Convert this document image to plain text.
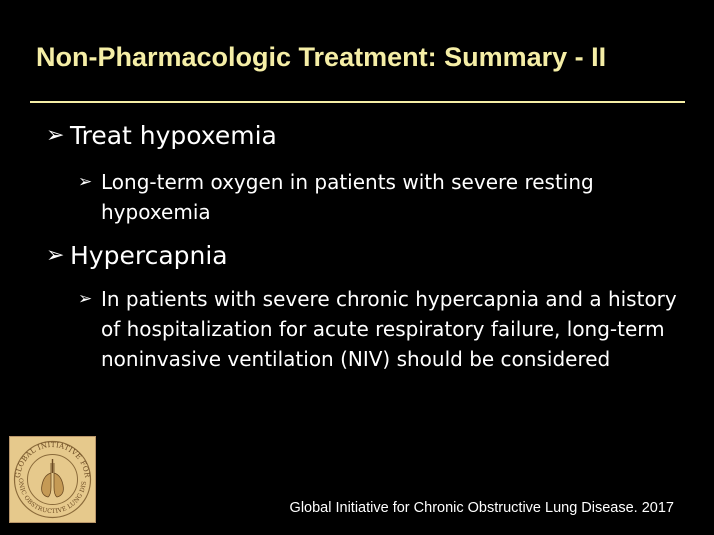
Non-Pharmacologic Treatment: Summary - II
➢ Treat hypoxemia
➢ Long-term oxygen in patients with severe resting hypoxemia
➢ Hypercapnia
➢ In patients with severe chronic hypercapnia and a history of hospitalization for acute respiratory failure, long-term noninvasive ventilation (NIV) should be considered
GLOBAL INITIATIVE FOR
ONIC OBSTRUCTIVE LUNG DIS
Global Initiative for Chronic Obstructive Lung Disease. 2017
